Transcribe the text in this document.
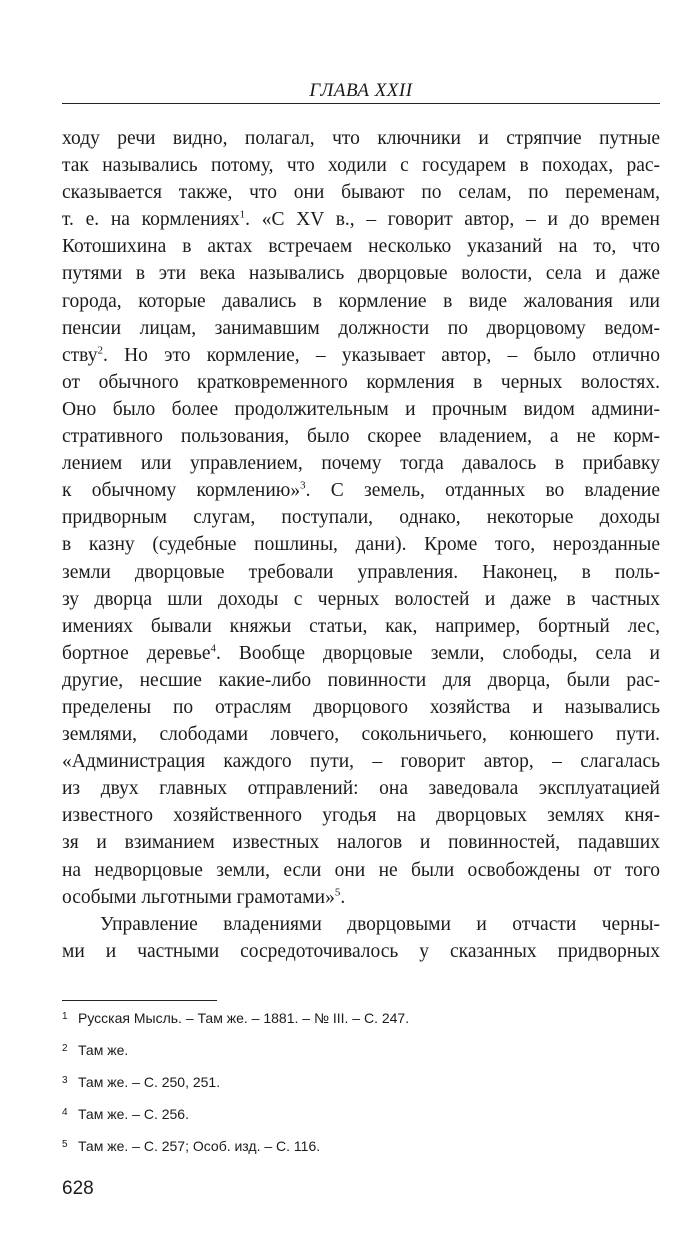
ГЛАВА XXII
ходу речи видно, полагал, что ключники и стряпчие путные
так назывались потому, что ходили с государем в походах, рас-
сказывается также, что они бывают по селам, по переменам,
т. е. на кормлениях$^1$. «С XV в., – говорит автор, – и до времен
Котошихина в актах встречаем несколько указаний на то, что
путями в эти века назывались дворцовые волости, села и даже
города, которые давались в кормление в виде жалования или
пенсии лицам, занимавшим должности по дворцовому ведом-
ству$^2$. Но это кормление, – указывает автор, – было отлично
от обычного кратковременного кормления в черных волостях.
Оно было более продолжительным и прочным видом админи-
стративного пользования, было скорее владением, а не корм-
лением или управлением, почему тогда давалось в прибавку
к обычному кормлению»$^3$. С земель, отданных во владение
придворным слугам, поступали, однако, некоторые доходы
в казну (судебные пошлины, дани). Кроме того, нерозданные
земли дворцовые требовали управления. Наконец, в поль-
зу дворца шли доходы с черных волостей и даже в частных
имениях бывали княжьи статьи, как, например, бортный лес,
бортное деревье$^4$. Вообще дворцовые земли, слободы, села и
другие, несшие какие-либо повинности для дворца, были рас-
пределены по отраслям дворцового хозяйства и назывались
землями, слободами ловчего, сокольничьего, конюшего пути.
«Администрация каждого пути, – говорит автор, – слагалась
из двух главных отправлений: она заведовала эксплуатацией
известного хозяйственного угодья на дворцовых землях кня-
зя и взиманием известных налогов и повинностей, падавших
на недворцовые земли, если они не были освобождены от того
особыми льготными грамотами»$^5$.
Управление владениями дворцовыми и отчасти черны-
ми и частными сосредоточивалось у сказанных придворных
1 Русская Мысль. – Там же. – 1881. – № III. – С. 247.
2 Там же.
3 Там же. – С. 250, 251.
4 Там же. – С. 256.
5 Там же. – С. 257; Особ. изд. – С. 116.
628
